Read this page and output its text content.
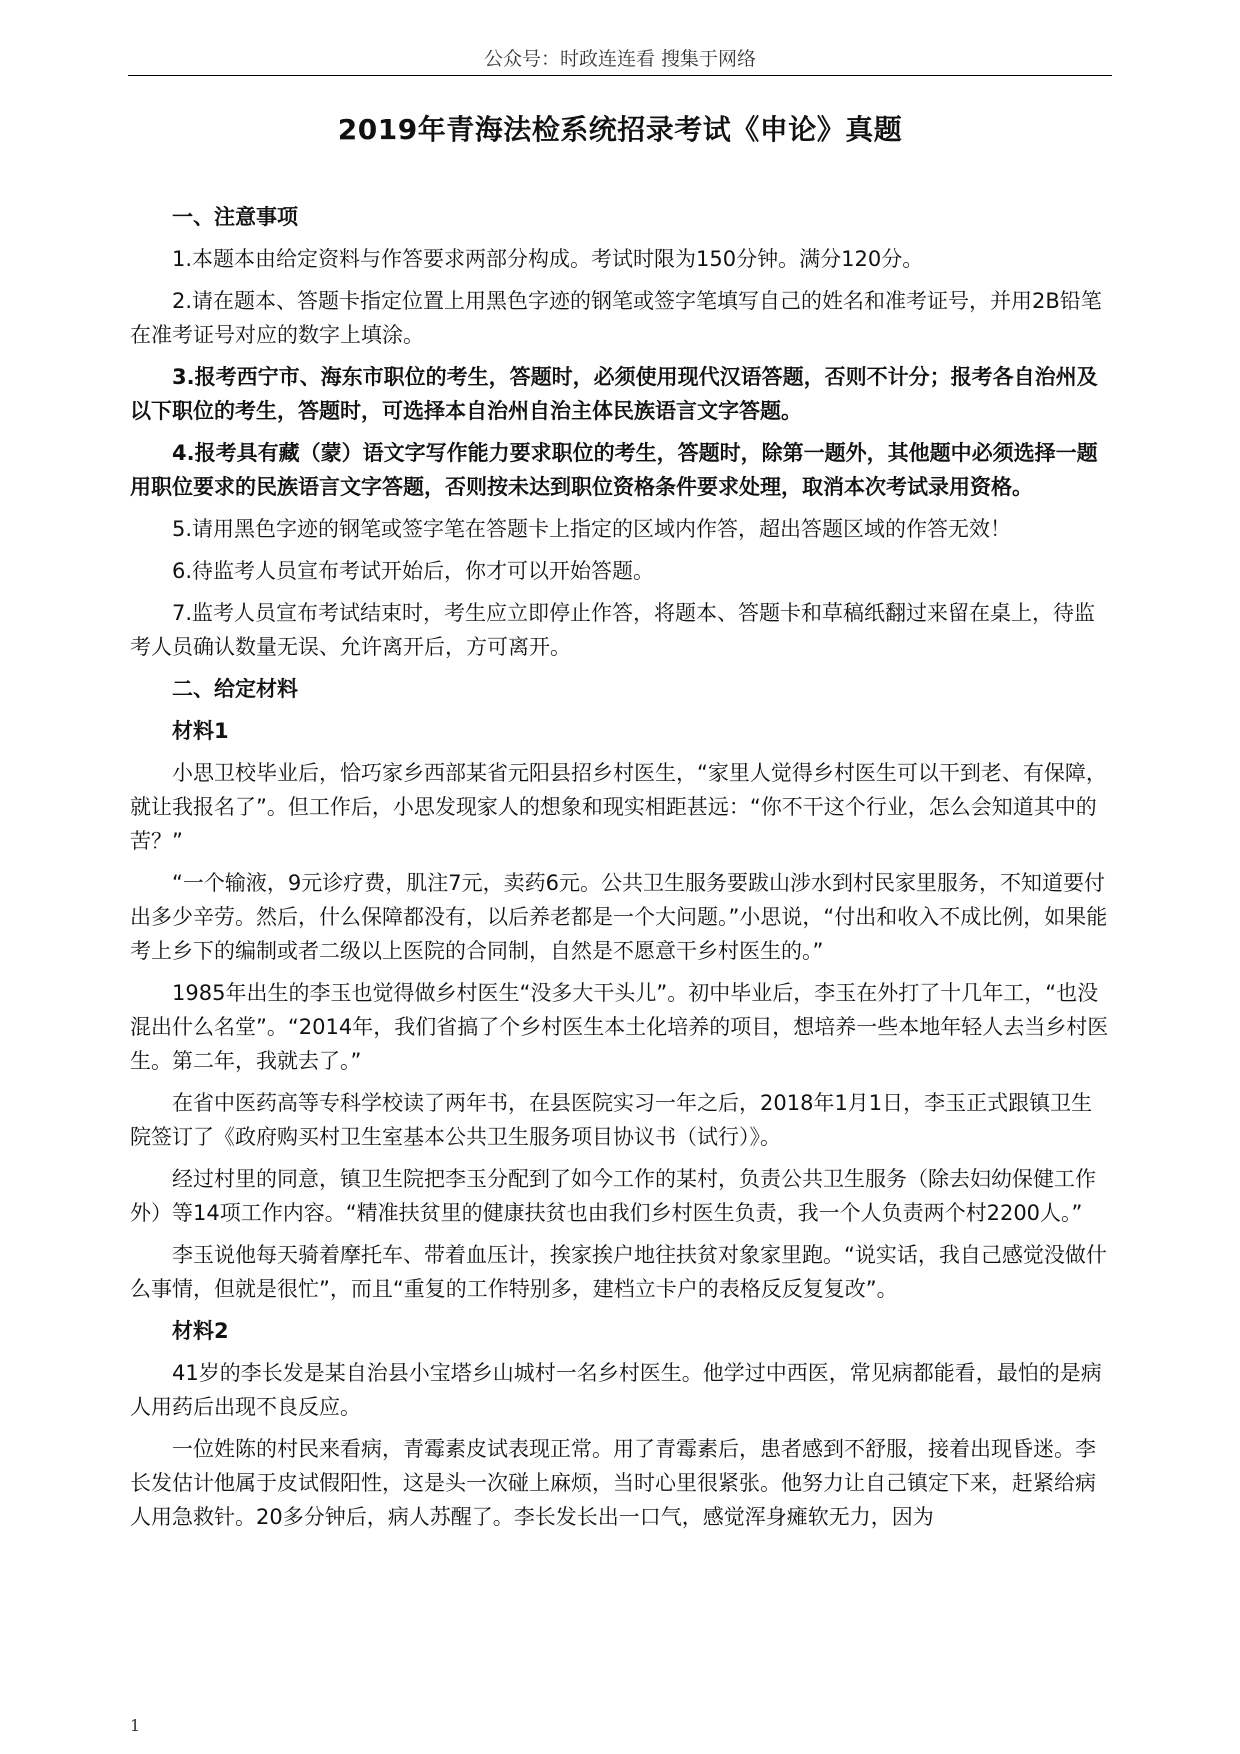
公众号：时政连连看 搜集于网络
2019年青海法检系统招录考试《申论》真题

一、注意事项

1.本题本由给定资料与作答要求两部分构成。考试时限为150分钟。满分120分。

2.请在题本、答题卡指定位置上用黑色字迹的钢笔或签字笔填写自己的姓名和准考证号，并用2B铅笔在准考证号对应的数字上填涂。

3.报考西宁市、海东市职位的考生，答题时，必须使用现代汉语答题，否则不计分；报考各自治州及以下职位的考生，答题时，可选择本自治州自治主体民族语言文字答题。

4.报考具有藏（蒙）语文字写作能力要求职位的考生，答题时，除第一题外，其他题中必须选择一题用职位要求的民族语言文字答题，否则按未达到职位资格条件要求处理，取消本次考试录用资格。

5.请用黑色字迹的钢笔或签字笔在答题卡上指定的区域内作答，超出答题区域的作答无效！

6.待监考人员宣布考试开始后，你才可以开始答题。

7.监考人员宣布考试结束时，考生应立即停止作答，将题本、答题卡和草稿纸翻过来留在桌上，待监考人员确认数量无误、允许离开后，方可离开。

二、给定材料

材料1

小思卫校毕业后，恰巧家乡西部某省元阳县招乡村医生，“家里人觉得乡村医生可以干到老、有保障，就让我报名了”。但工作后，小思发现家人的想象和现实相距甚远：“你不干这个行业，怎么会知道其中的苦？”

“一个输液，9元诊疗费，肌注7元，卖药6元。公共卫生服务要跋山涉水到村民家里服务，不知道要付出多少辛劳。然后，什么保障都没有，以后养老都是一个大问题。”小思说，“付出和收入不成比例，如果能考上乡下的编制或者二级以上医院的合同制，自然是不愿意干乡村医生的。”

1985年出生的李玉也觉得做乡村医生“没多大干头儿”。初中毕业后，李玉在外打了十几年工，“也没混出什么名堂”。“2014年，我们省搞了个乡村医生本土化培养的项目，想培养一些本地年轻人去当乡村医生。第二年，我就去了。”

在省中医药高等专科学校读了两年书，在县医院实习一年之后，2018年1月1日，李玉正式跟镇卫生院签订了《政府购买村卫生室基本公共卫生服务项目协议书（试行）》。

经过村里的同意，镇卫生院把李玉分配到了如今工作的某村，负责公共卫生服务（除去妇幼保健工作外）等14项工作内容。“精准扶贫里的健康扶贫也由我们乡村医生负责，我一个人负责两个村2200人。”

李玉说他每天骑着摩托车、带着血压计，挨家挨户地往扶贫对象家里跑。“说实话，我自己感觉没做什么事情，但就是很忙”，而且“重复的工作特别多，建档立卡户的表格反反复复改”。

材料2

41岁的李长发是某自治县小宝塔乡山城村一名乡村医生。他学过中西医，常见病都能看，最怕的是病人用药后出现不良反应。

一位姓陈的村民来看病，青霉素皮试表现正常。用了青霉素后，患者感到不舒服，接着出现昏迷。李长发估计他属于皮试假阳性，这是头一次碰上麻烦，当时心里很紧张。他努力让自己镇定下来，赶紧给病人用急救针。20多分钟后，病人苏醒了。李长发长出一口气，感觉浑身瘫软无力，因为

1
